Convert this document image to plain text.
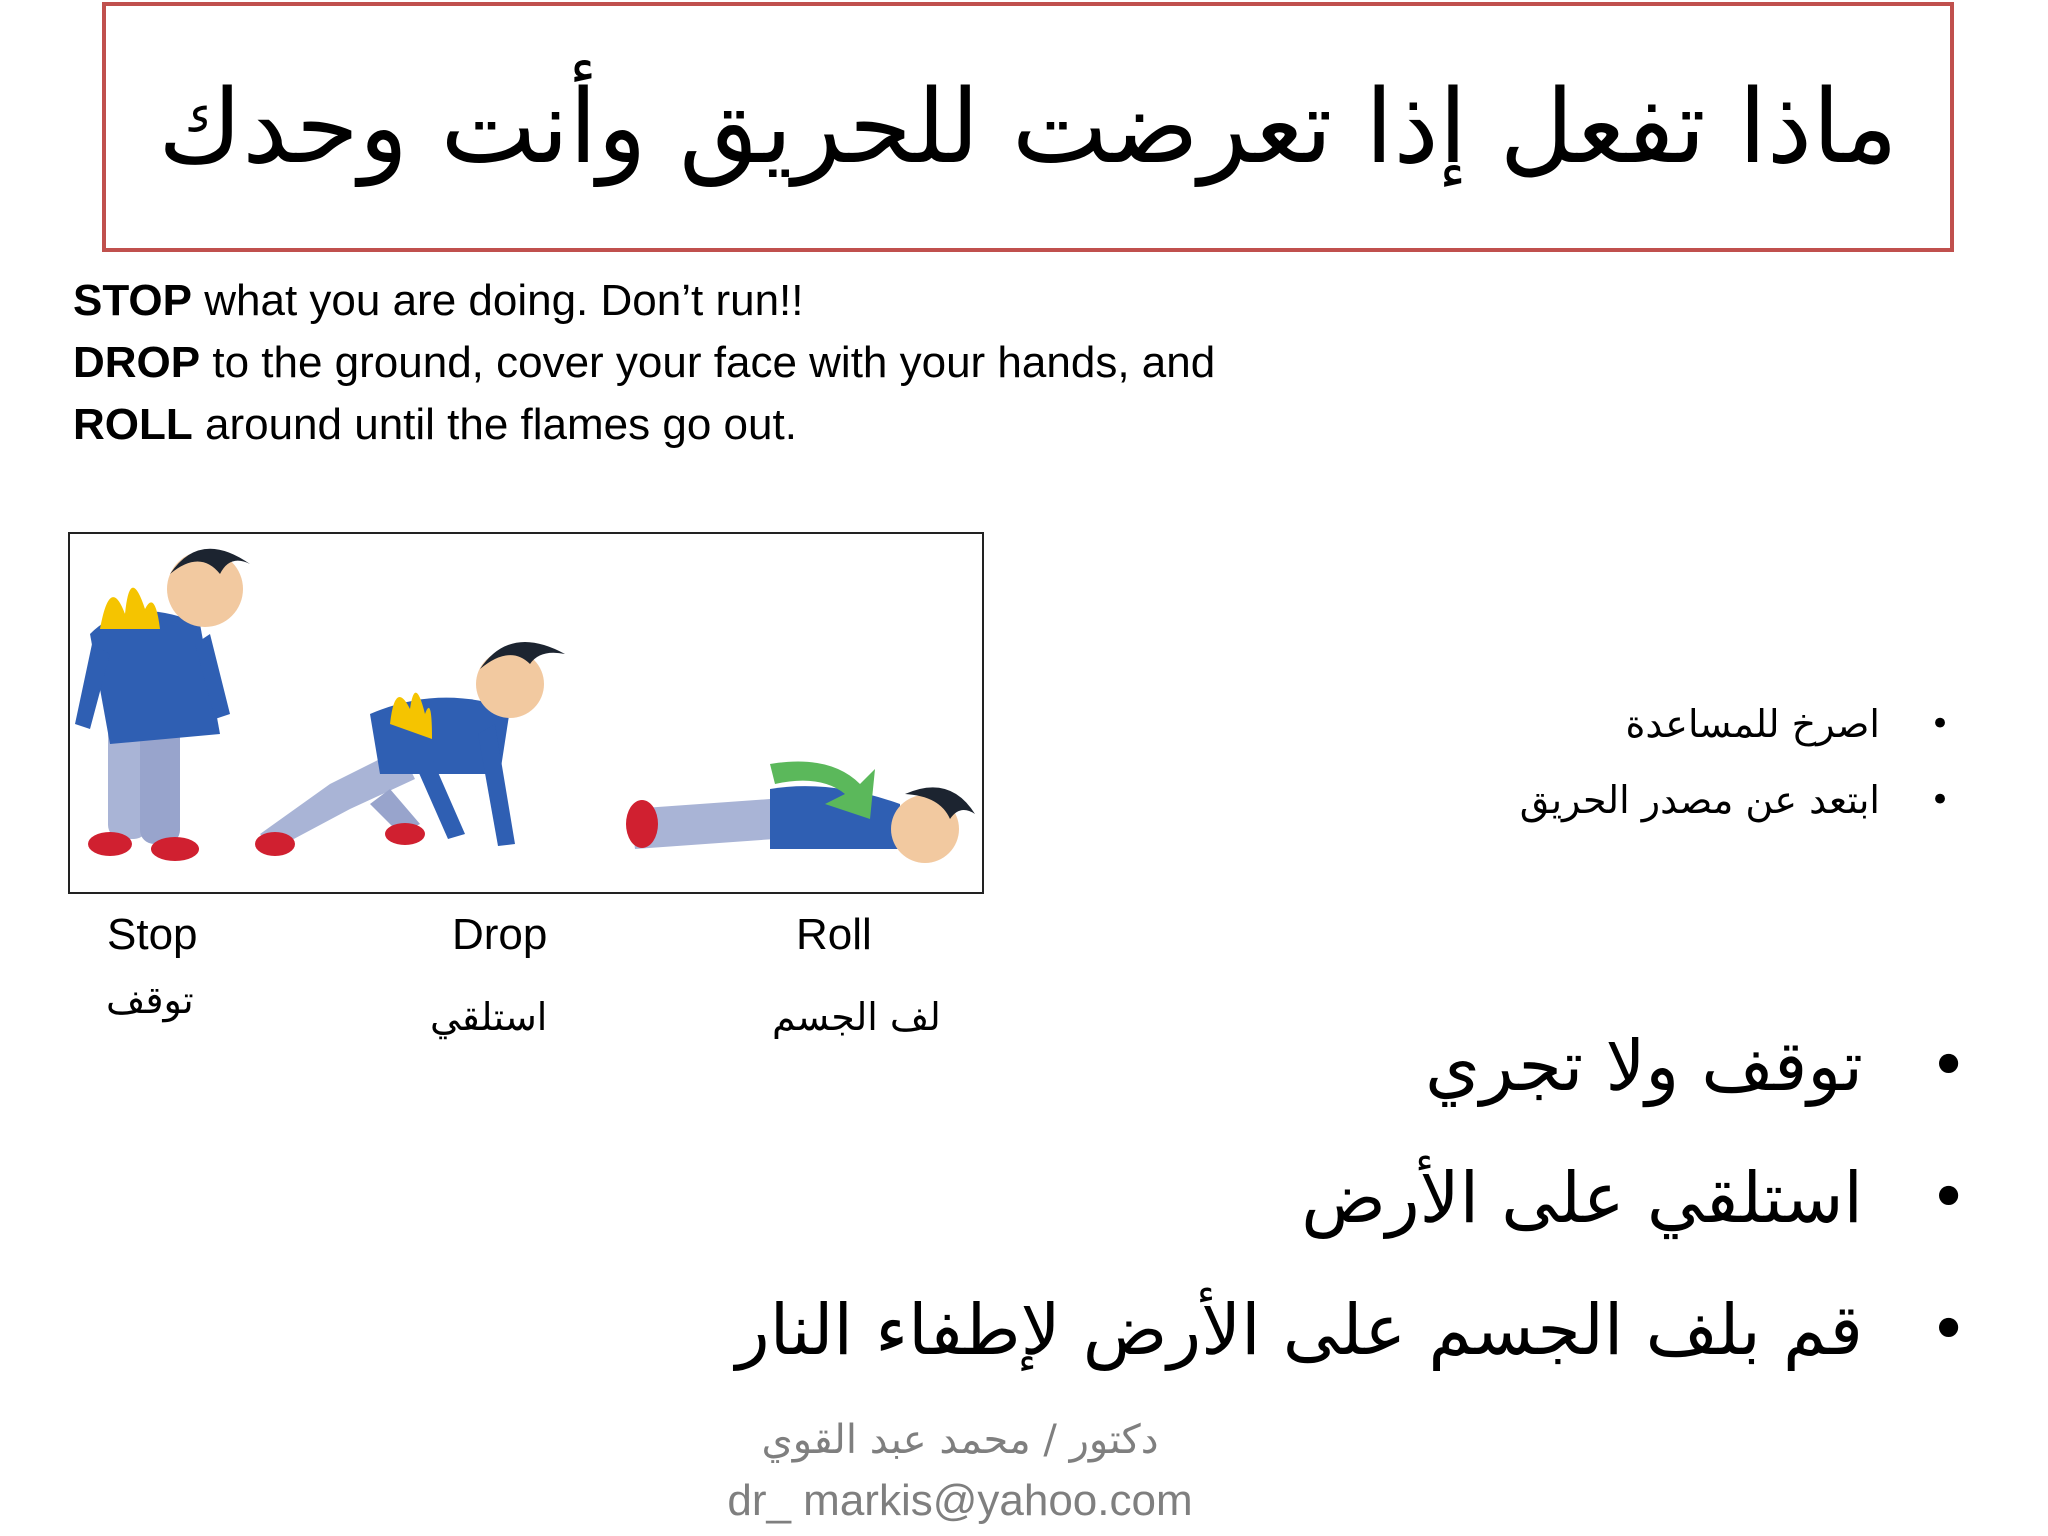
ماذا تفعل إذا تعرضت للحريق وأنت وحدك
STOP what you are doing. Don’t run!!
DROP to the ground, cover your face with your hands, and
ROLL around until the flames go out.
Stop	Drop	Roll
توقف	استلقي	لف الجسم
• اصرخ للمساعدة
• ابتعد عن مصدر الحريق
• توقف ولا تجري
• استلقي على الأرض
• قم بلف الجسم على الأرض لإطفاء النار
دكتور / محمد عبد القوي
dr_ markis@yahoo.com
